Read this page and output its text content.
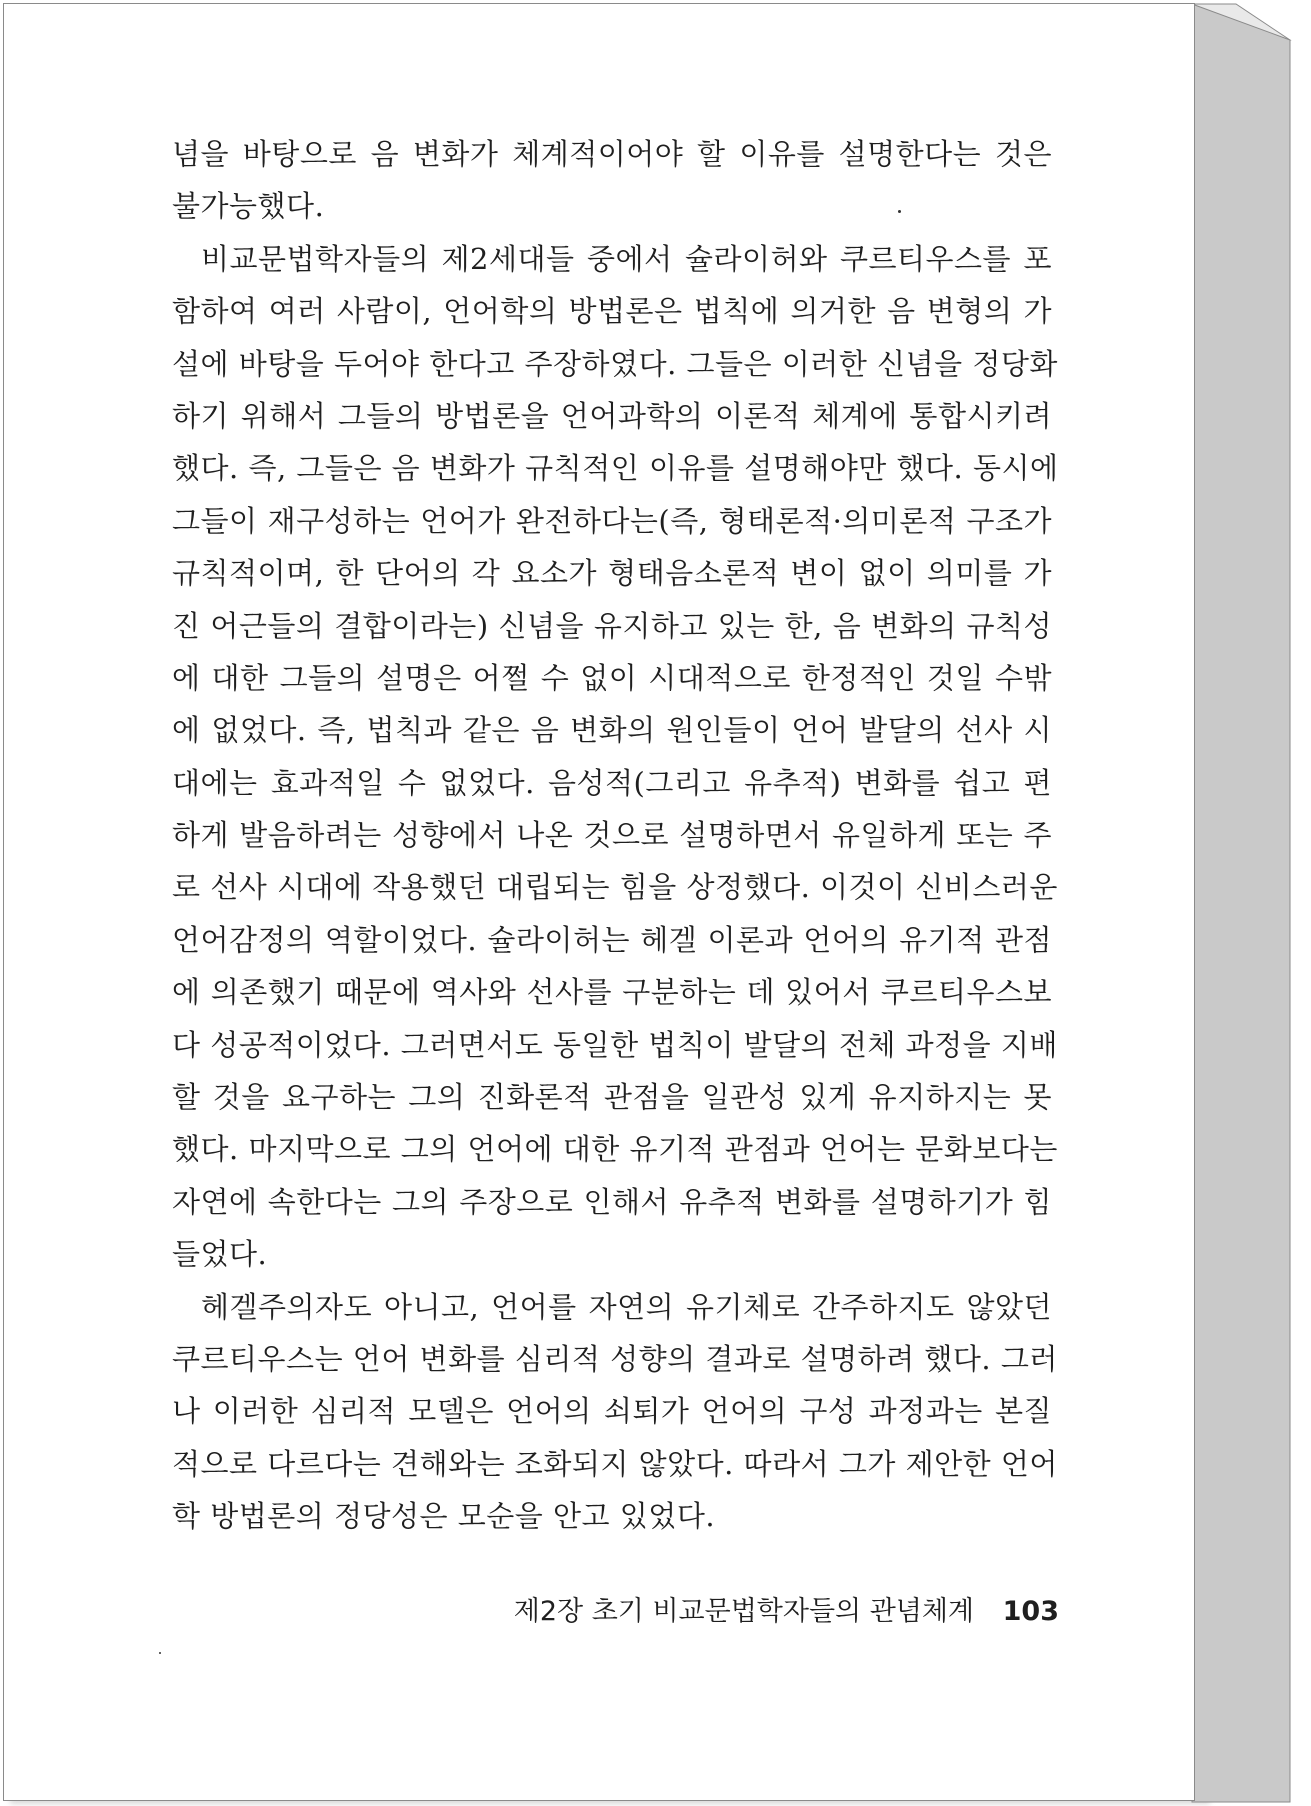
념을 바탕으로 음 변화가 체계적이어야 할 이유를 설명한다는 것은
불가능했다.
비교문법학자들의 제2세대들 중에서 슐라이허와 쿠르티우스를 포
함하여 여러 사람이, 언어학의 방법론은 법칙에 의거한 음 변형의 가
설에 바탕을 두어야 한다고 주장하였다. 그들은 이러한 신념을 정당화
하기 위해서 그들의 방법론을 언어과학의 이론적 체계에 통합시키려
했다. 즉, 그들은 음 변화가 규칙적인 이유를 설명해야만 했다. 동시에
그들이 재구성하는 언어가 완전하다는(즉, 형태론적·의미론적 구조가
규칙적이며, 한 단어의 각 요소가 형태음소론적 변이 없이 의미를 가
진 어근들의 결합이라는) 신념을 유지하고 있는 한, 음 변화의 규칙성
에 대한 그들의 설명은 어쩔 수 없이 시대적으로 한정적인 것일 수밖
에 없었다. 즉, 법칙과 같은 음 변화의 원인들이 언어 발달의 선사 시
대에는 효과적일 수 없었다. 음성적(그리고 유추적) 변화를 쉽고 편
하게 발음하려는 성향에서 나온 것으로 설명하면서 유일하게 또는 주
로 선사 시대에 작용했던 대립되는 힘을 상정했다. 이것이 신비스러운
언어감정의 역할이었다. 슐라이허는 헤겔 이론과 언어의 유기적 관점
에 의존했기 때문에 역사와 선사를 구분하는 데 있어서 쿠르티우스보
다 성공적이었다. 그러면서도 동일한 법칙이 발달의 전체 과정을 지배
할 것을 요구하는 그의 진화론적 관점을 일관성 있게 유지하지는 못
했다. 마지막으로 그의 언어에 대한 유기적 관점과 언어는 문화보다는
자연에 속한다는 그의 주장으로 인해서 유추적 변화를 설명하기가 힘
들었다.
헤겔주의자도 아니고, 언어를 자연의 유기체로 간주하지도 않았던
쿠르티우스는 언어 변화를 심리적 성향의 결과로 설명하려 했다. 그러
나 이러한 심리적 모델은 언어의 쇠퇴가 언어의 구성 과정과는 본질
적으로 다르다는 견해와는 조화되지 않았다. 따라서 그가 제안한 언어
학 방법론의 정당성은 모순을 안고 있었다.
제2장 초기 비교문법학자들의 관념체계 103
